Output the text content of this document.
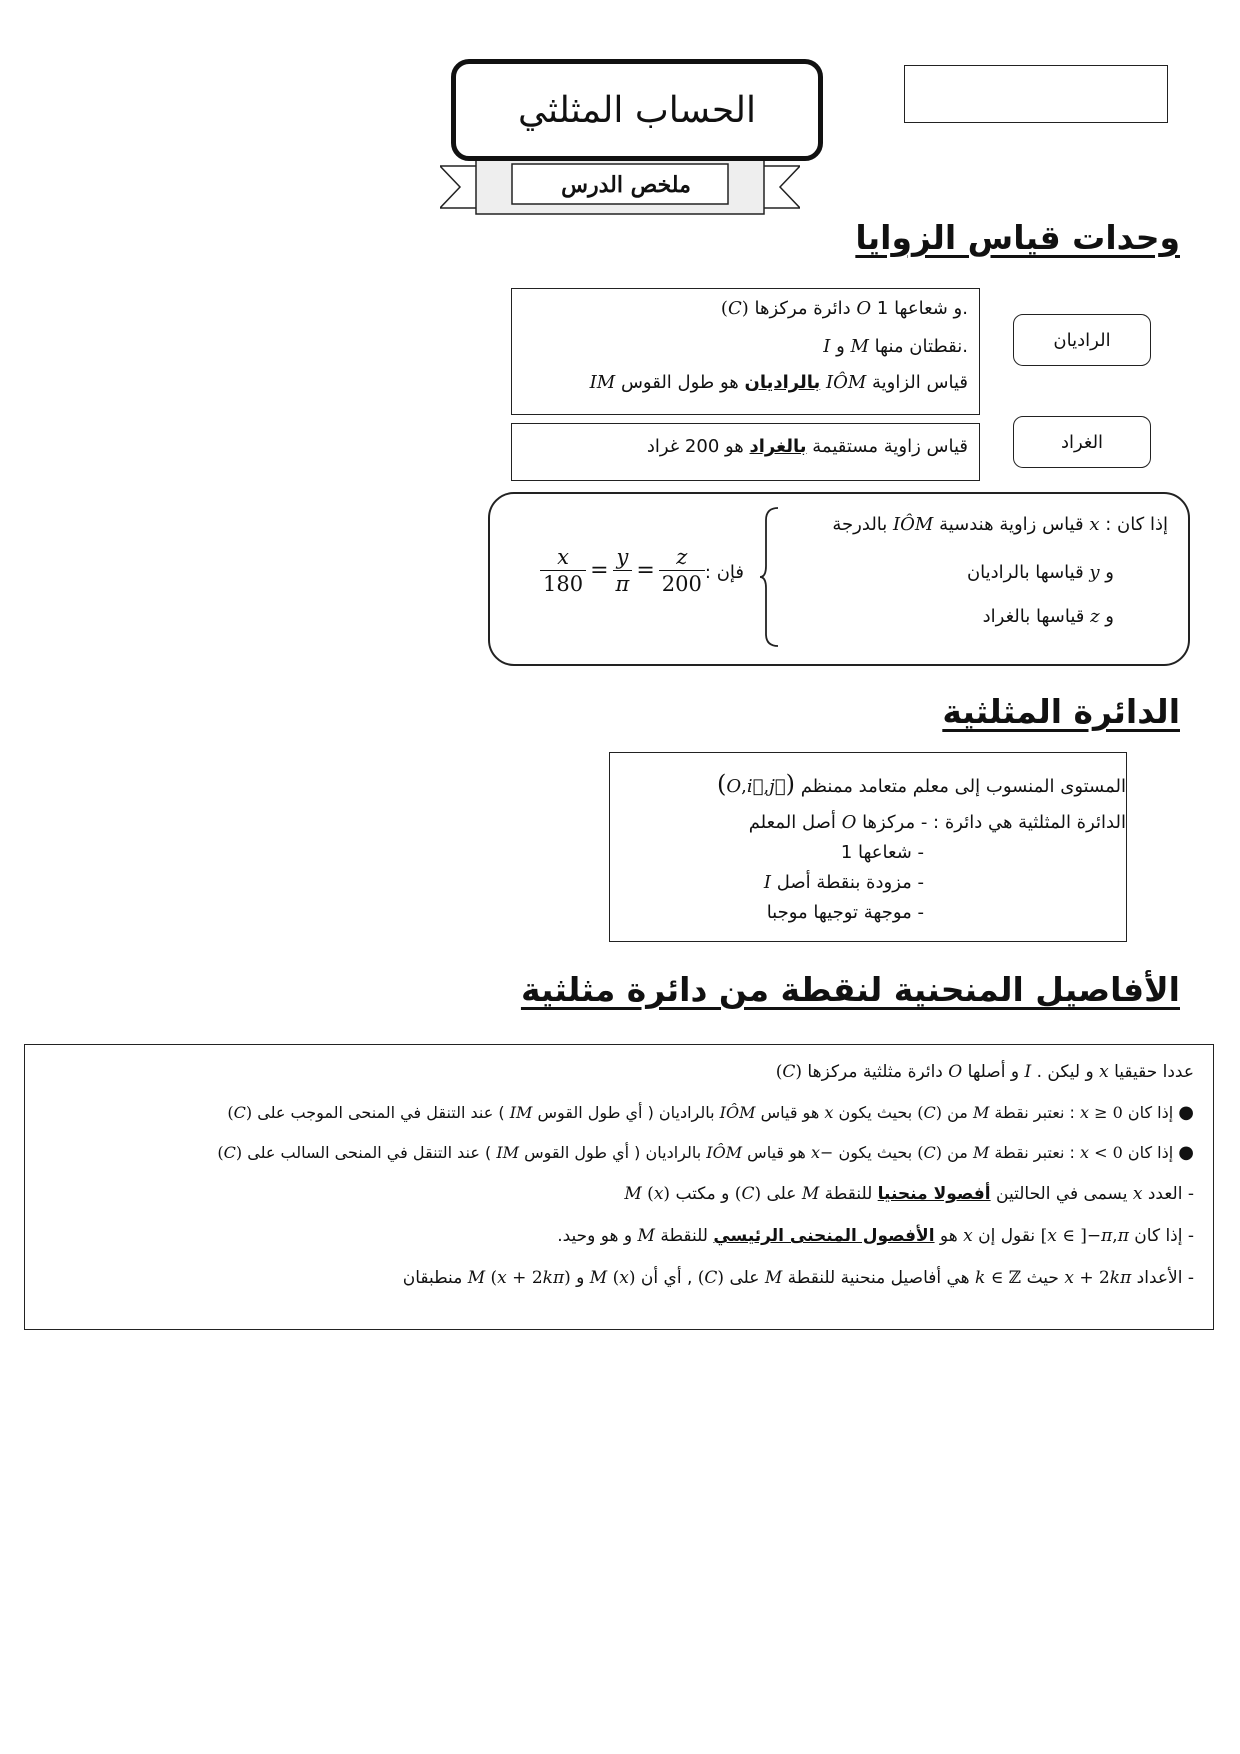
ملخص الدرس
الحساب المثلثي
وحدات قياس الزوايا
الراديان
(C) دائرة مركزها O و شعاعها 1.
I و M نقطتان منها.
قياس الزاوية IÔM بالراديان هو طول القوس IM
الغراد
قياس زاوية مستقيمة بالغراد هو 200 غراد
إذا كان : x قياس زاوية هندسية IÔM بالدرجة
و y قياسها بالراديان
و z قياسها بالغراد
فإن :
$\frac{x}{180} = \frac{y}{\pi} = \frac{z}{200}$
الدائرة المثلثية
المستوى المنسوب إلى معلم متعامد ممنظم (O,i⃗,j⃗)
الدائرة المثلثية هي دائرة : - مركزها O أصل المعلم
- شعاعها 1
- مزودة بنقطة أصل I
- موجهة توجيها موجبا
الأفاصيل المنحنية لنقطة من دائرة مثلثية
(C) دائرة مثلثية مركزها O و أصلها I . و ليكن x عددا حقيقيا
● إذا كان x ≥ 0 : نعتبر نقطة M من (C) بحيث يكون x هو قياس IÔM بالراديان ( أي طول القوس IM ) عند التنقل في المنحى الموجب على (C)
● إذا كان x < 0 : نعتبر نقطة M من (C) بحيث يكون −x هو قياس IÔM بالراديان ( أي طول القوس IM ) عند التنقل في المنحى السالب على (C)
- العدد x يسمى في الحالتين أفصولا منحنيا للنقطة M على (C) و مكتب M (x)
- إذا كان x ∈ ]−π,π] نقول إن x هو الأفصول المنحنى الرئيسي للنقطة M و هو وحيد.
- الأعداد x + 2kπ حيث k ∈ ℤ هي أفاصيل منحنية للنقطة M على (C) , أي أن M (x) و M (x + 2kπ) منطبقان
